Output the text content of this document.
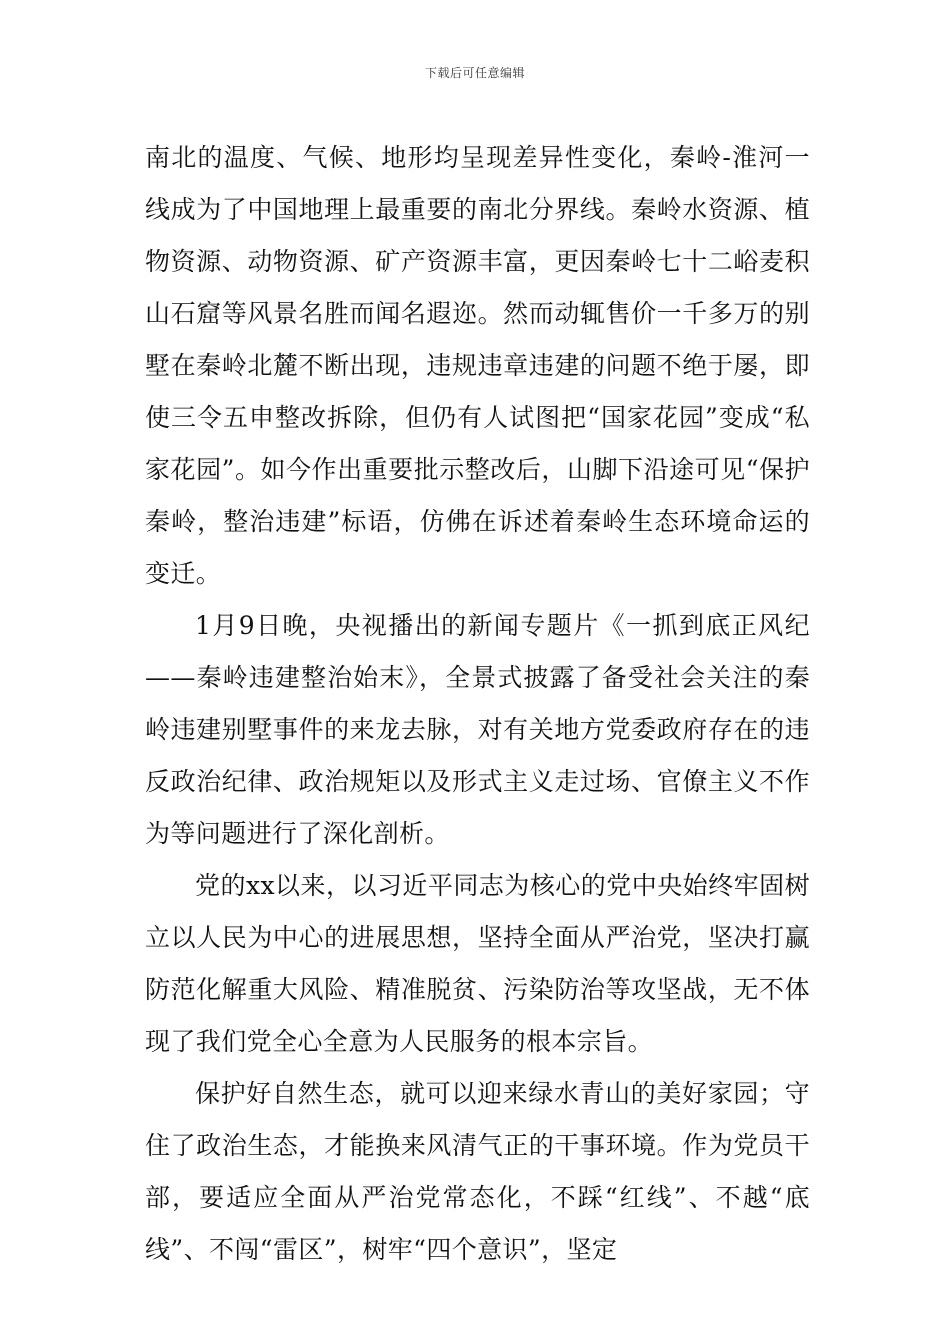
下载后可任意编辑

南北的温度、气候、地形均呈现差异性变化，秦岭-淮河一线成为了中国地理上最重要的南北分界线。秦岭水资源、植物资源、动物资源、矿产资源丰富，更因秦岭七十二峪麦积山石窟等风景名胜而闻名遐迩。然而动辄售价一千多万的别墅在秦岭北麓不断出现，违规违章违建的问题不绝于屡，即使三令五申整改拆除，但仍有人试图把“国家花园”变成“私家花园”。如今作出重要批示整改后，山脚下沿途可见“保护秦岭，整治违建”标语，仿佛在诉述着秦岭生态环境命运的变迁。

1月9日晚，央视播出的新闻专题片《一抓到底正风纪——秦岭违建整治始末》，全景式披露了备受社会关注的秦岭违建别墅事件的来龙去脉，对有关地方党委政府存在的违反政治纪律、政治规矩以及形式主义走过场、官僚主义不作为等问题进行了深化剖析。

党的xx以来，以习近平同志为核心的党中央始终牢固树立以人民为中心的进展思想，坚持全面从严治党，坚决打赢防范化解重大风险、精准脱贫、污染防治等攻坚战，无不体现了我们党全心全意为人民服务的根本宗旨。

保护好自然生态，就可以迎来绿水青山的美好家园；守住了政治生态，才能换来风清气正的干事环境。作为党员干部，要适应全面从严治党常态化，不踩“红线”、不越“底线”、不闯“雷区”，树牢“四个意识”，坚定
